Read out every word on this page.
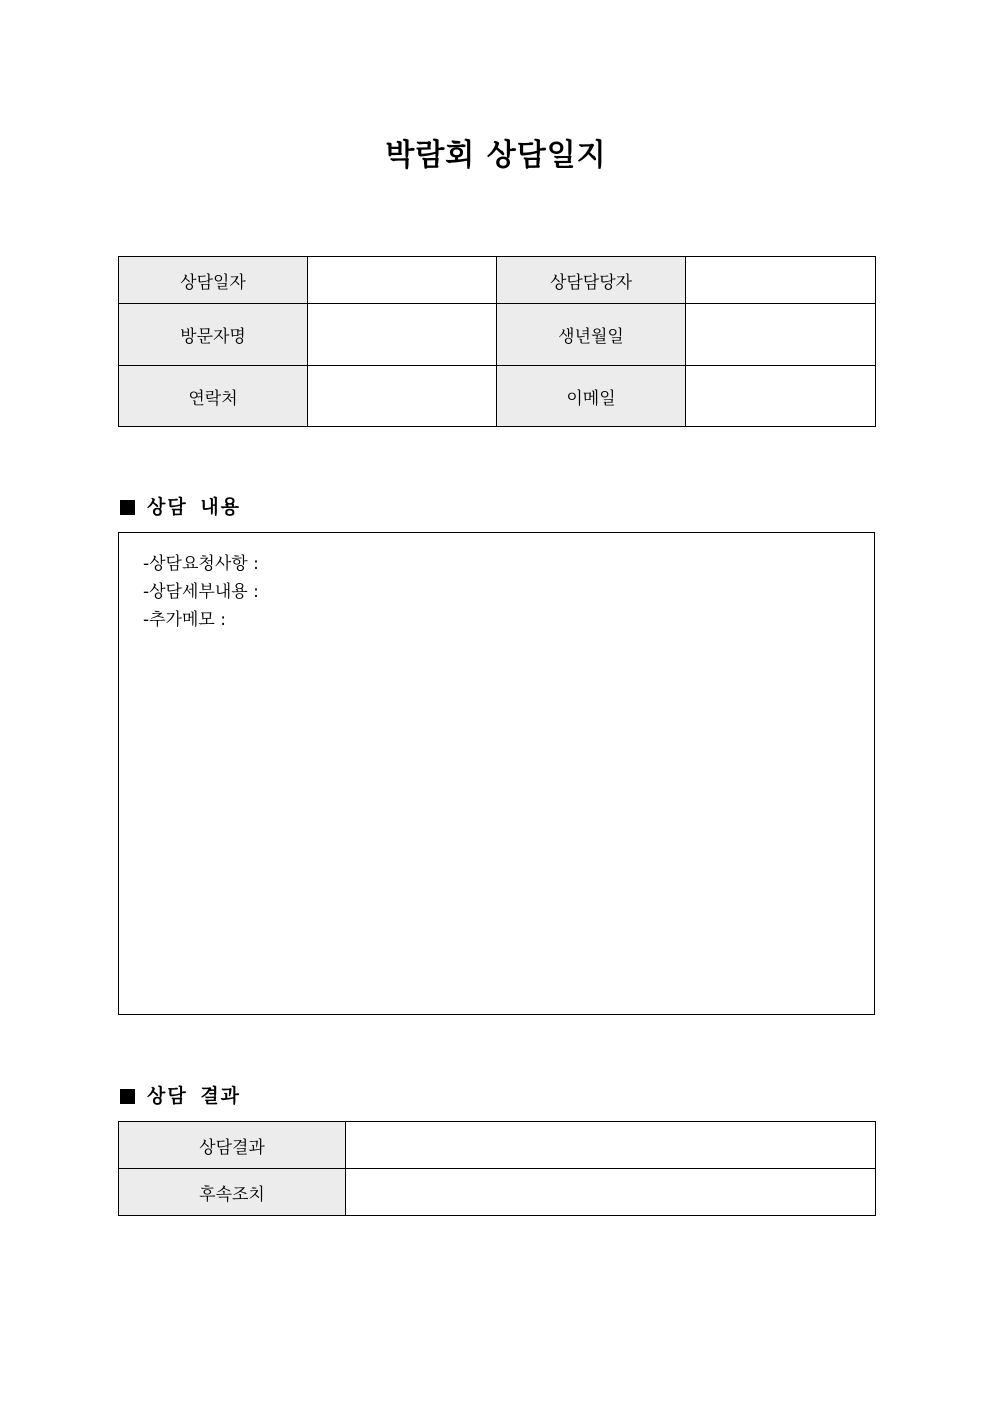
박람회 상담일지
상담일자		상담담당자	
방문자명		생년월일	
연락처		이메일	
상담 내용
-상담요청사항 :
-상담세부내용 :
-추가메모 :
상담 결과
상담결과	
후속조치	
